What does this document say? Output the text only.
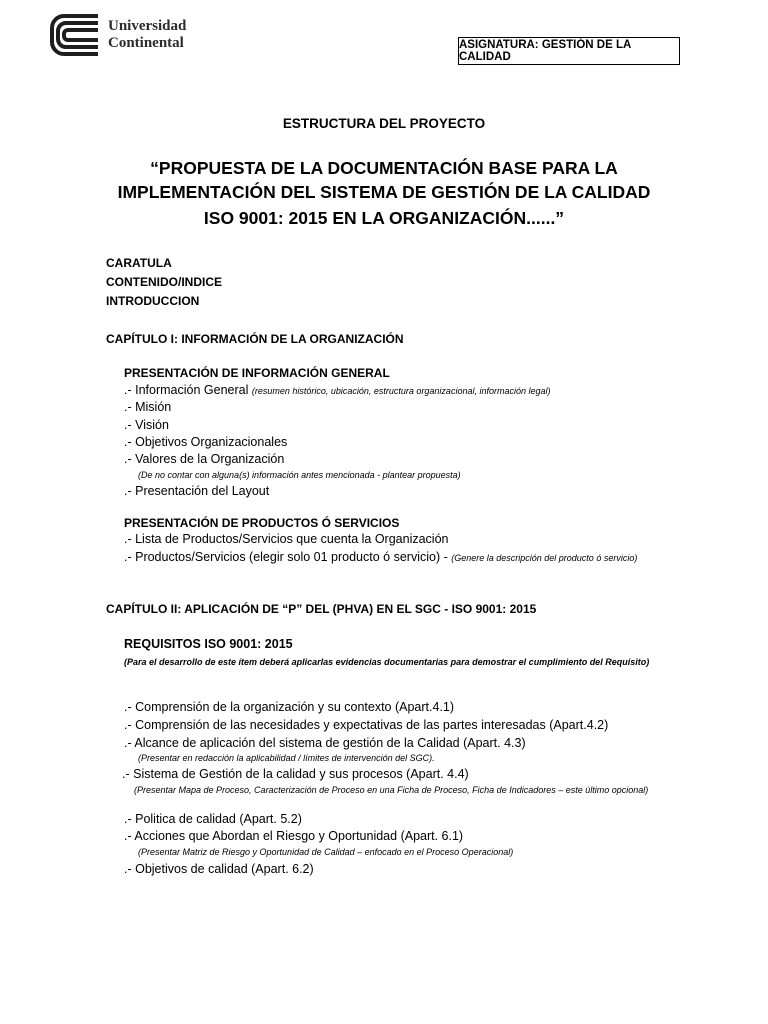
Universidad
Continental	ASIGNATURA: GESTIÓN DE LA CALIDAD
ESTRUCTURA DEL PROYECTO
“PROPUESTA DE LA DOCUMENTACIÓN BASE PARA LA
IMPLEMENTACIÓN DEL SISTEMA DE GESTIÓN DE LA CALIDAD
ISO 9001: 2015 EN LA ORGANIZACIÓN......”
CARATULA
CONTENIDO/INDICE
INTRODUCCION
CAPÍTULO I: INFORMACIÓN DE LA ORGANIZACIÓN
PRESENTACIÓN DE INFORMACIÓN GENERAL
.- Información General (resumen histórico, ubicación, estructura organizacional, información legal)
.- Misión
.- Visión
.- Objetivos Organizacionales
.- Valores de la Organización
(De no contar con alguna(s) información antes mencionada - plantear propuesta)
.- Presentación del Layout
PRESENTACIÓN DE PRODUCTOS Ó SERVICIOS
.- Lista de Productos/Servicios que cuenta la Organización
.- Productos/Servicios (elegir solo 01 producto ó servicio) - (Genere la descripción del producto ó servicio)
CAPÍTULO II: APLICACIÓN DE “P” DEL (PHVA) EN EL SGC - ISO 9001: 2015
REQUISITOS ISO 9001: 2015
(Para el desarrollo de este ítem deberá aplicarlas evidencias documentarias para demostrar el cumplimiento del Requisito)
.- Comprensión de la organización y su contexto (Apart.4.1)
.- Comprensión de las necesidades y expectativas de las partes interesadas (Apart.4.2)
.- Alcance de aplicación del sistema de gestión de la Calidad (Apart. 4.3)
(Presentar en redacción la aplicabilidad / límites de intervención del SGC).
.- Sistema de Gestión de la calidad y sus procesos (Apart. 4.4)
(Presentar Mapa de Proceso, Caracterización de Proceso en una Ficha de Proceso, Ficha de Indicadores – este último opcional)
.- Politica de calidad (Apart. 5.2)
.- Acciones que Abordan el Riesgo y Oportunidad (Apart. 6.1)
(Presentar Matriz de Riesgo y Oportunidad de Calidad – enfocado en el Proceso Operacional)
.- Objetivos de calidad (Apart. 6.2)
